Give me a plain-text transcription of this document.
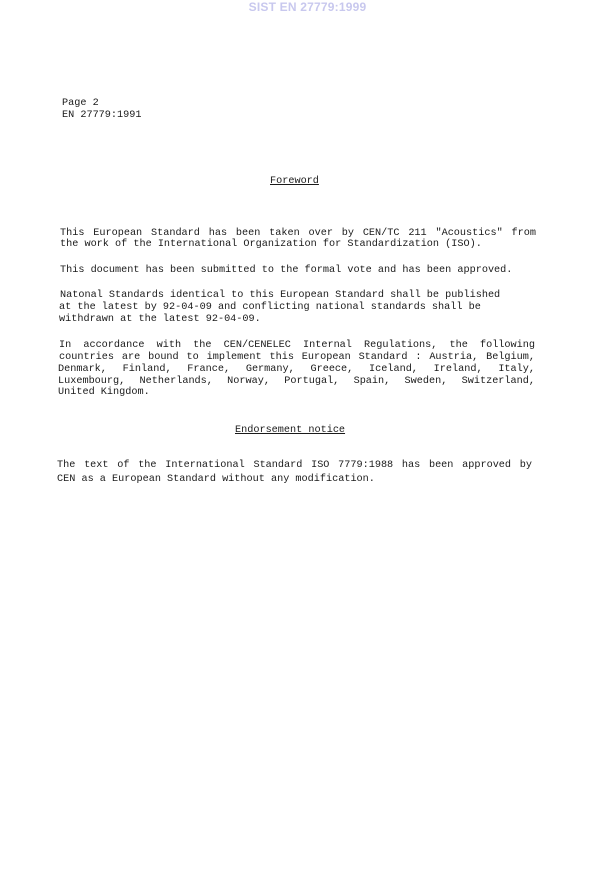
SIST EN 27779:1999
Page 2
EN 27779:1991
Foreword
This European Standard has been taken over by CEN/TC 211 "Acoustics" from
the work of the International Organization for Standardization (ISO).
This document has been submitted to the formal vote and has been approved.
Natonal Standards identical to this European Standard shall be published
at the latest by 92-04-09 and conflicting national standards shall be
withdrawn at the latest 92-04-09.
In accordance with the CEN/CENELEC Internal Regulations, the following
countries are bound to implement this European Standard : Austria, Belgium,
Denmark, Finland, France, Germany, Greece, Iceland, Ireland, Italy,
Luxembourg, Netherlands, Norway, Portugal, Spain, Sweden, Switzerland,
United Kingdom.
Endorsement notice
The text of the International Standard ISO 7779:1988 has been approved by
CEN as a European Standard without any modification.
